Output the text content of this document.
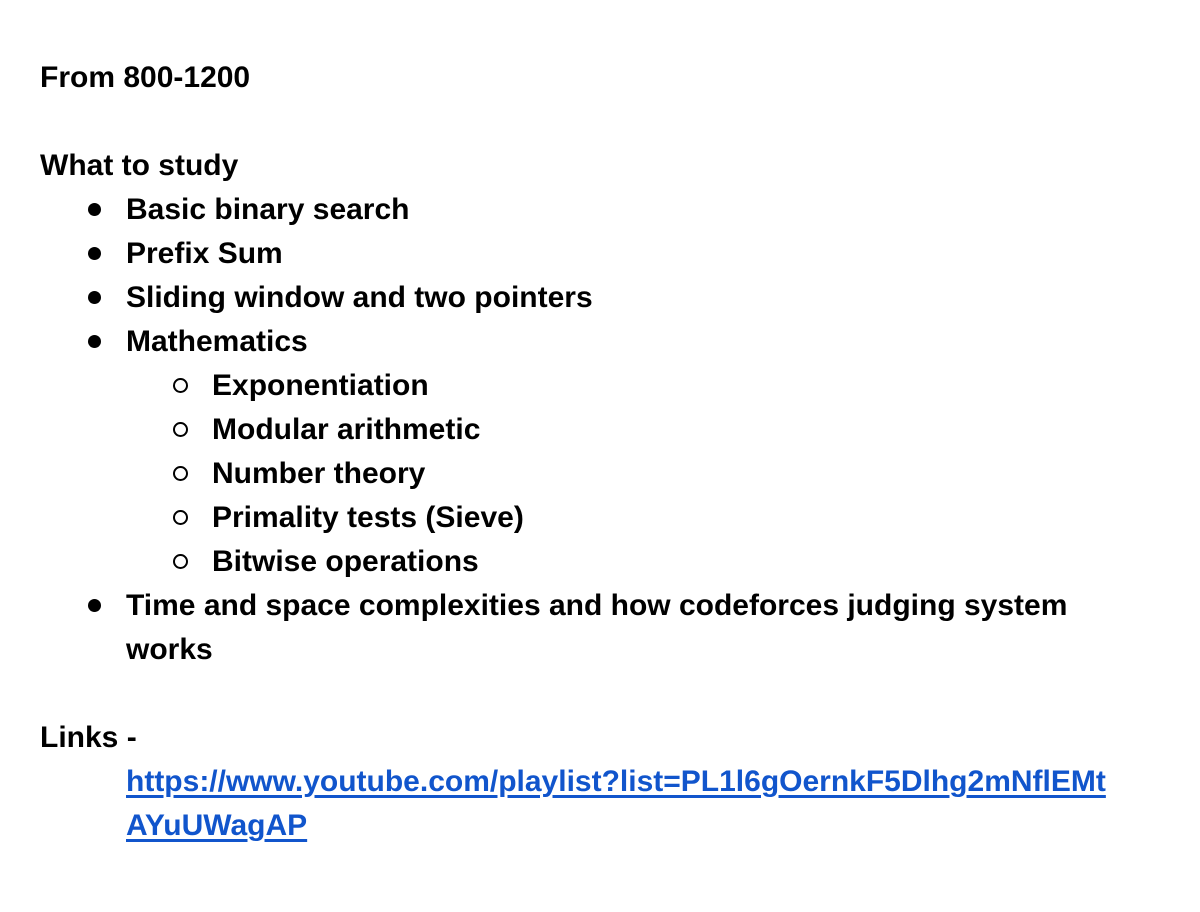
From 800-1200
What to study
Basic binary search
Prefix Sum
Sliding window and two pointers
Mathematics
Exponentiation
Modular arithmetic
Number theory
Primality tests (Sieve)
Bitwise operations
Time and space complexities and how codeforces judging system works
Links -
https://www.youtube.com/playlist?list=PL1l6gOernkF5Dlhg2mNflEMtAYuUWagAP
